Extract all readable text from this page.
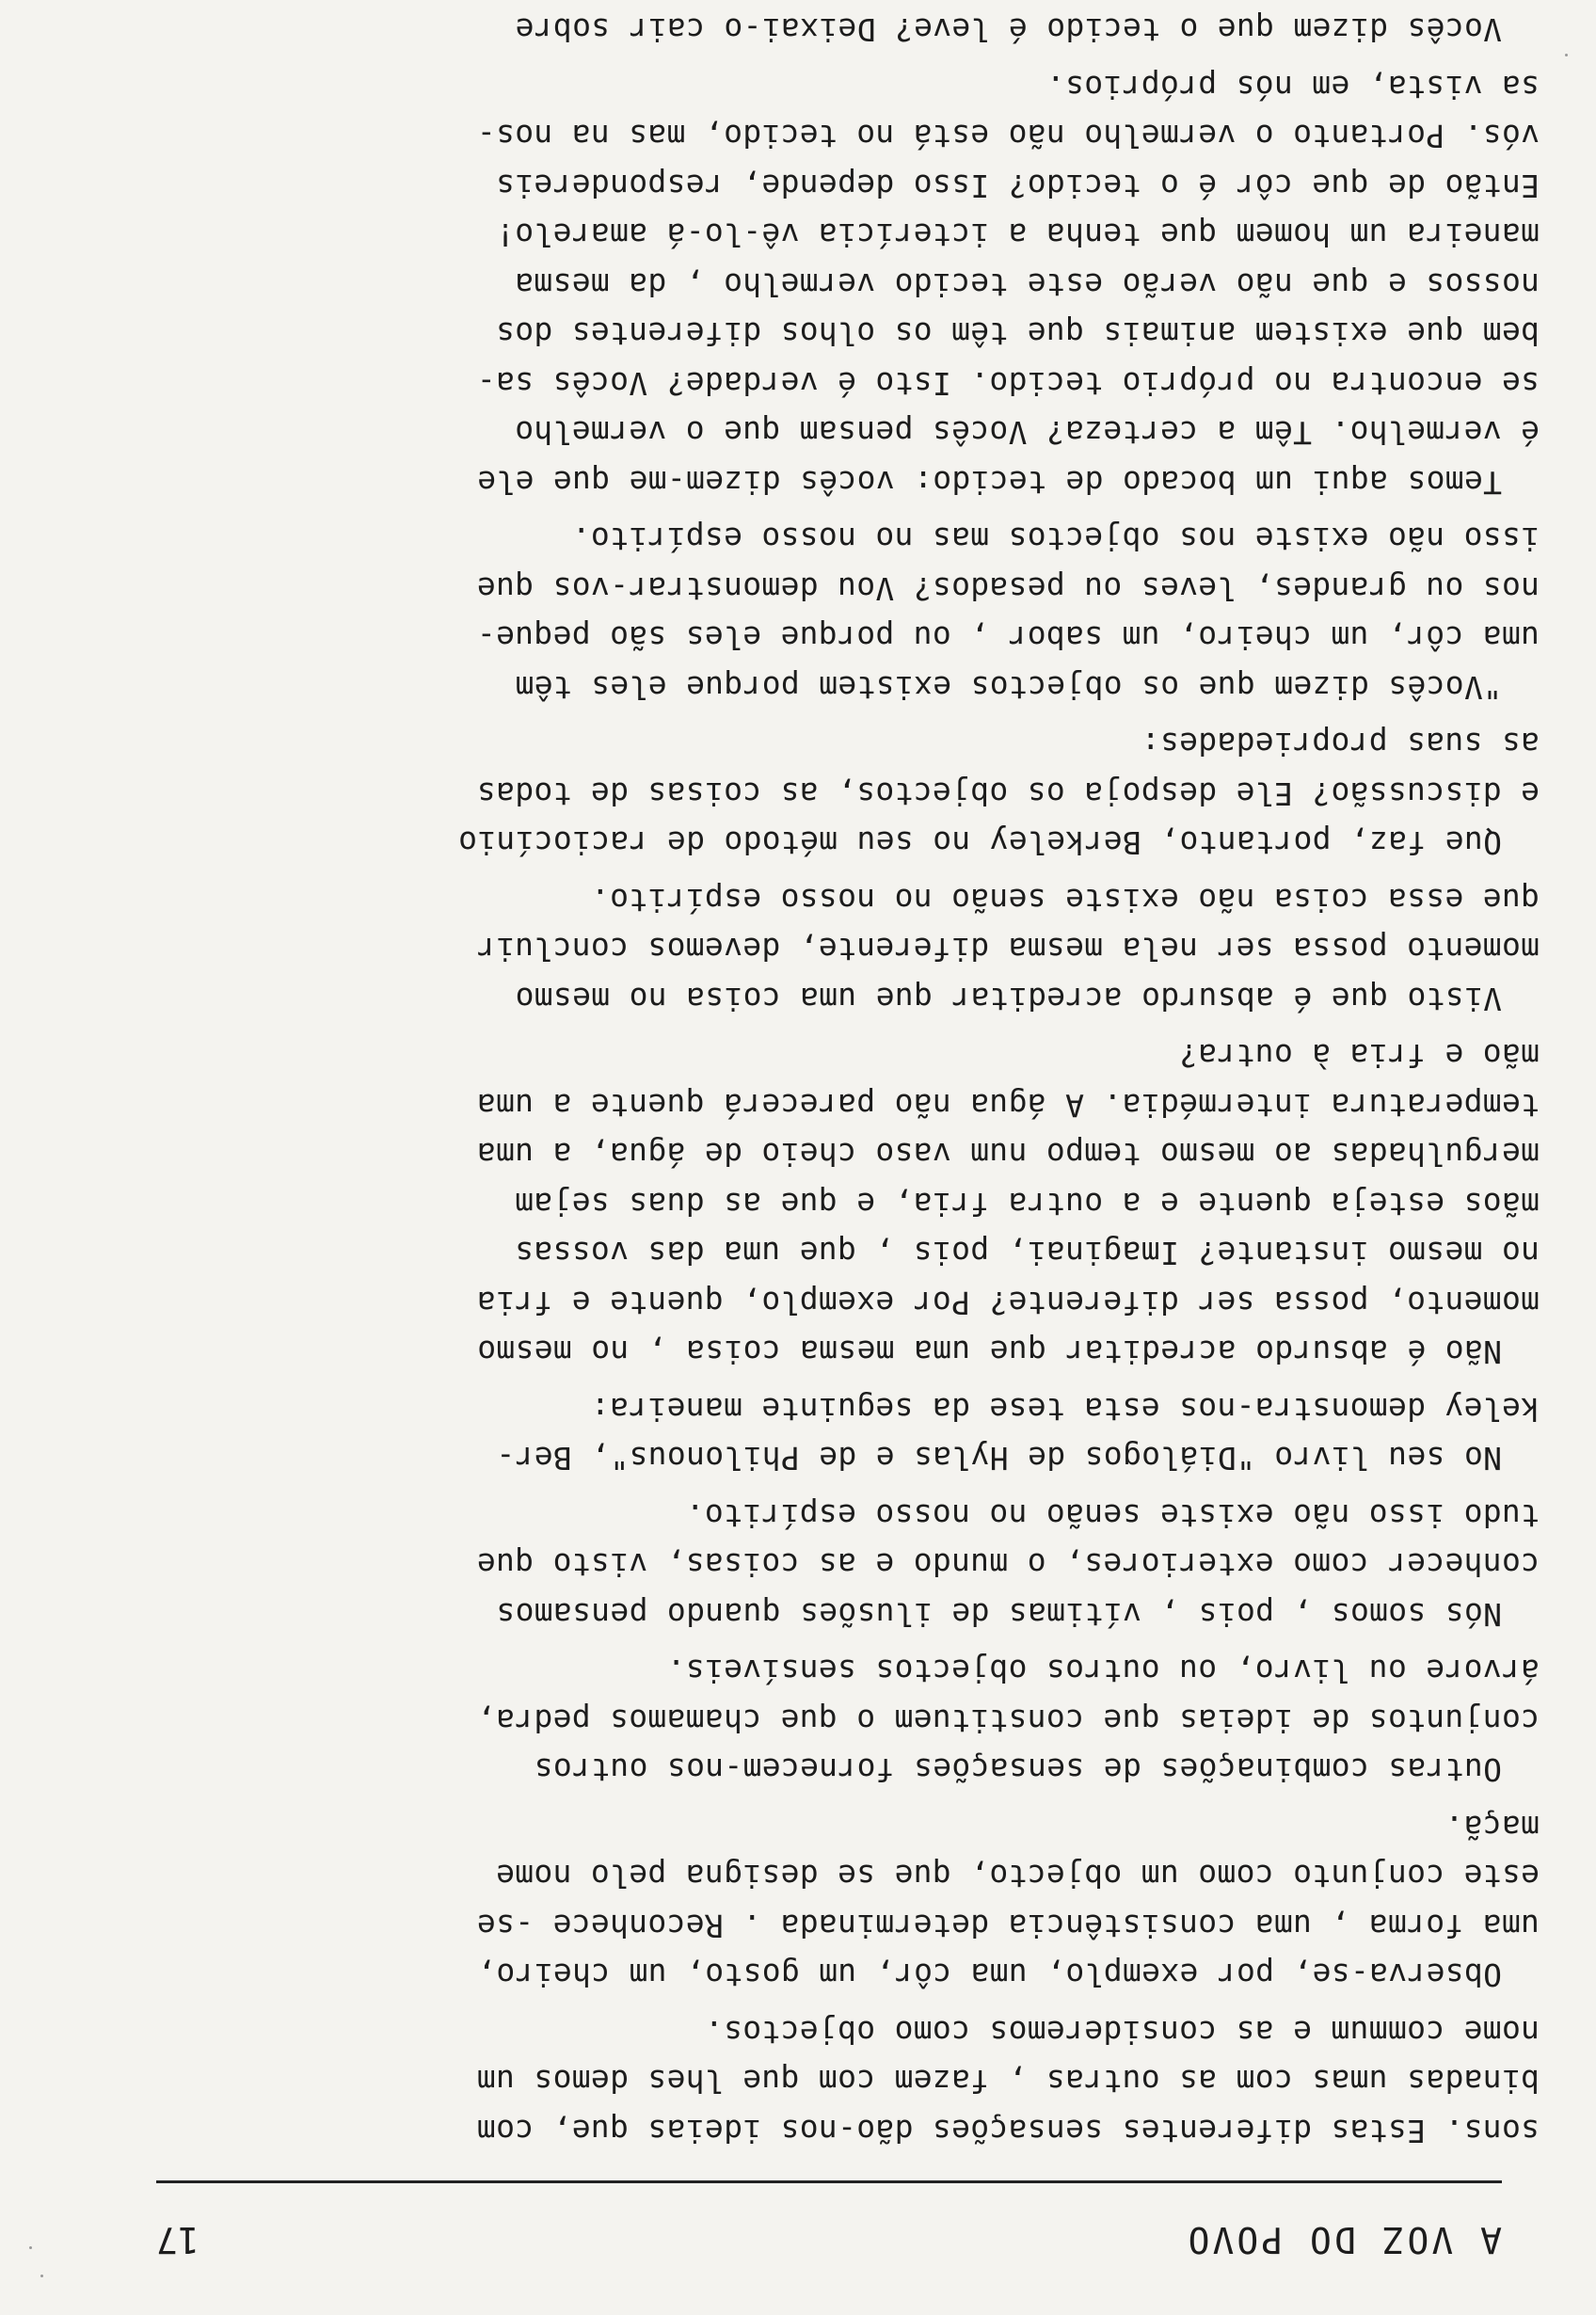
A VOZ DO POVO
17
sons. Estas diferentes sensações dão-nos ideias que, com
binadas umas com as outras , fazem com que lhes demos um
nome commum e as consideremos como objectos.
Observa-se, por exemplo, uma côr, um gosto, um cheiro,
uma forma , uma consistência determinada . Reconhece -se
este conjunto como um objecto, que se designa pelo nome
maçã.
Outras combinações de sensações fornecem-nos outros
conjuntos de ideias que constituem o que chamamos pedra,
árvore ou livro, ou outros objectos sensíveis.
Nós somos , pois , vítimas de ilusões quando pensamos
conhecer como exteriores, o mundo e as coisas, visto que
tudo isso não existe senão no nosso espírito.
No seu livro "Diálogos de Hylas e de Philonous", Ber-
keley demonstra-nos esta tese da seguinte maneira:
Não é absurdo acreditar que uma mesma coisa , no mesmo
momento, possa ser diferente? Por exemplo, quente e fria
no mesmo instante? Imaginai, pois , que uma das vossas
mãos esteja quente e a outra fria, e que as duas sejam
mergulhadas ao mesmo tempo num vaso cheio de água, a uma
temperatura intermédia. A água não parecerá quente a uma
mão e fria à outra?
Visto que é absurdo acreditar que uma coisa no mesmo
momento possa ser nela mesma diferente, devemos concluir
que essa coisa não existe senão no nosso espírito.
Que faz, portanto, Berkeley no seu método de raciocínio
e discussão? Ele despoja os objectos, as coisas de todas
as suas propriedades:
"Vocês dizem que os objectos existem porque eles têm
uma côr, um cheiro, um sabor , ou porque eles são peque-
nos ou grandes, leves ou pesados? Vou demonstrar-vos que
isso não existe nos objectos mas no nosso espírito.
Temos aqui um bocado de tecido: vocês dizem-me que ele
é vermelho. Têm a certeza? Vocês pensam que o vermelho
se encontra no próprio tecido. Isto é verdade? Vocês sa-
bem que existem animais que têm os olhos diferentes dos
nossos e que não verão este tecido vermelho , da mesma
maneira um homem que tenha a icterícia vê-lo-á amarelo!
Então de que côr é o tecido? Isso depende, respondereis
vós. Portanto o vermelho não está no tecido, mas na nos-
sa vista, em nós próprios.
Vocês dizem que o tecido é leve? Deixai-o cair sobre
